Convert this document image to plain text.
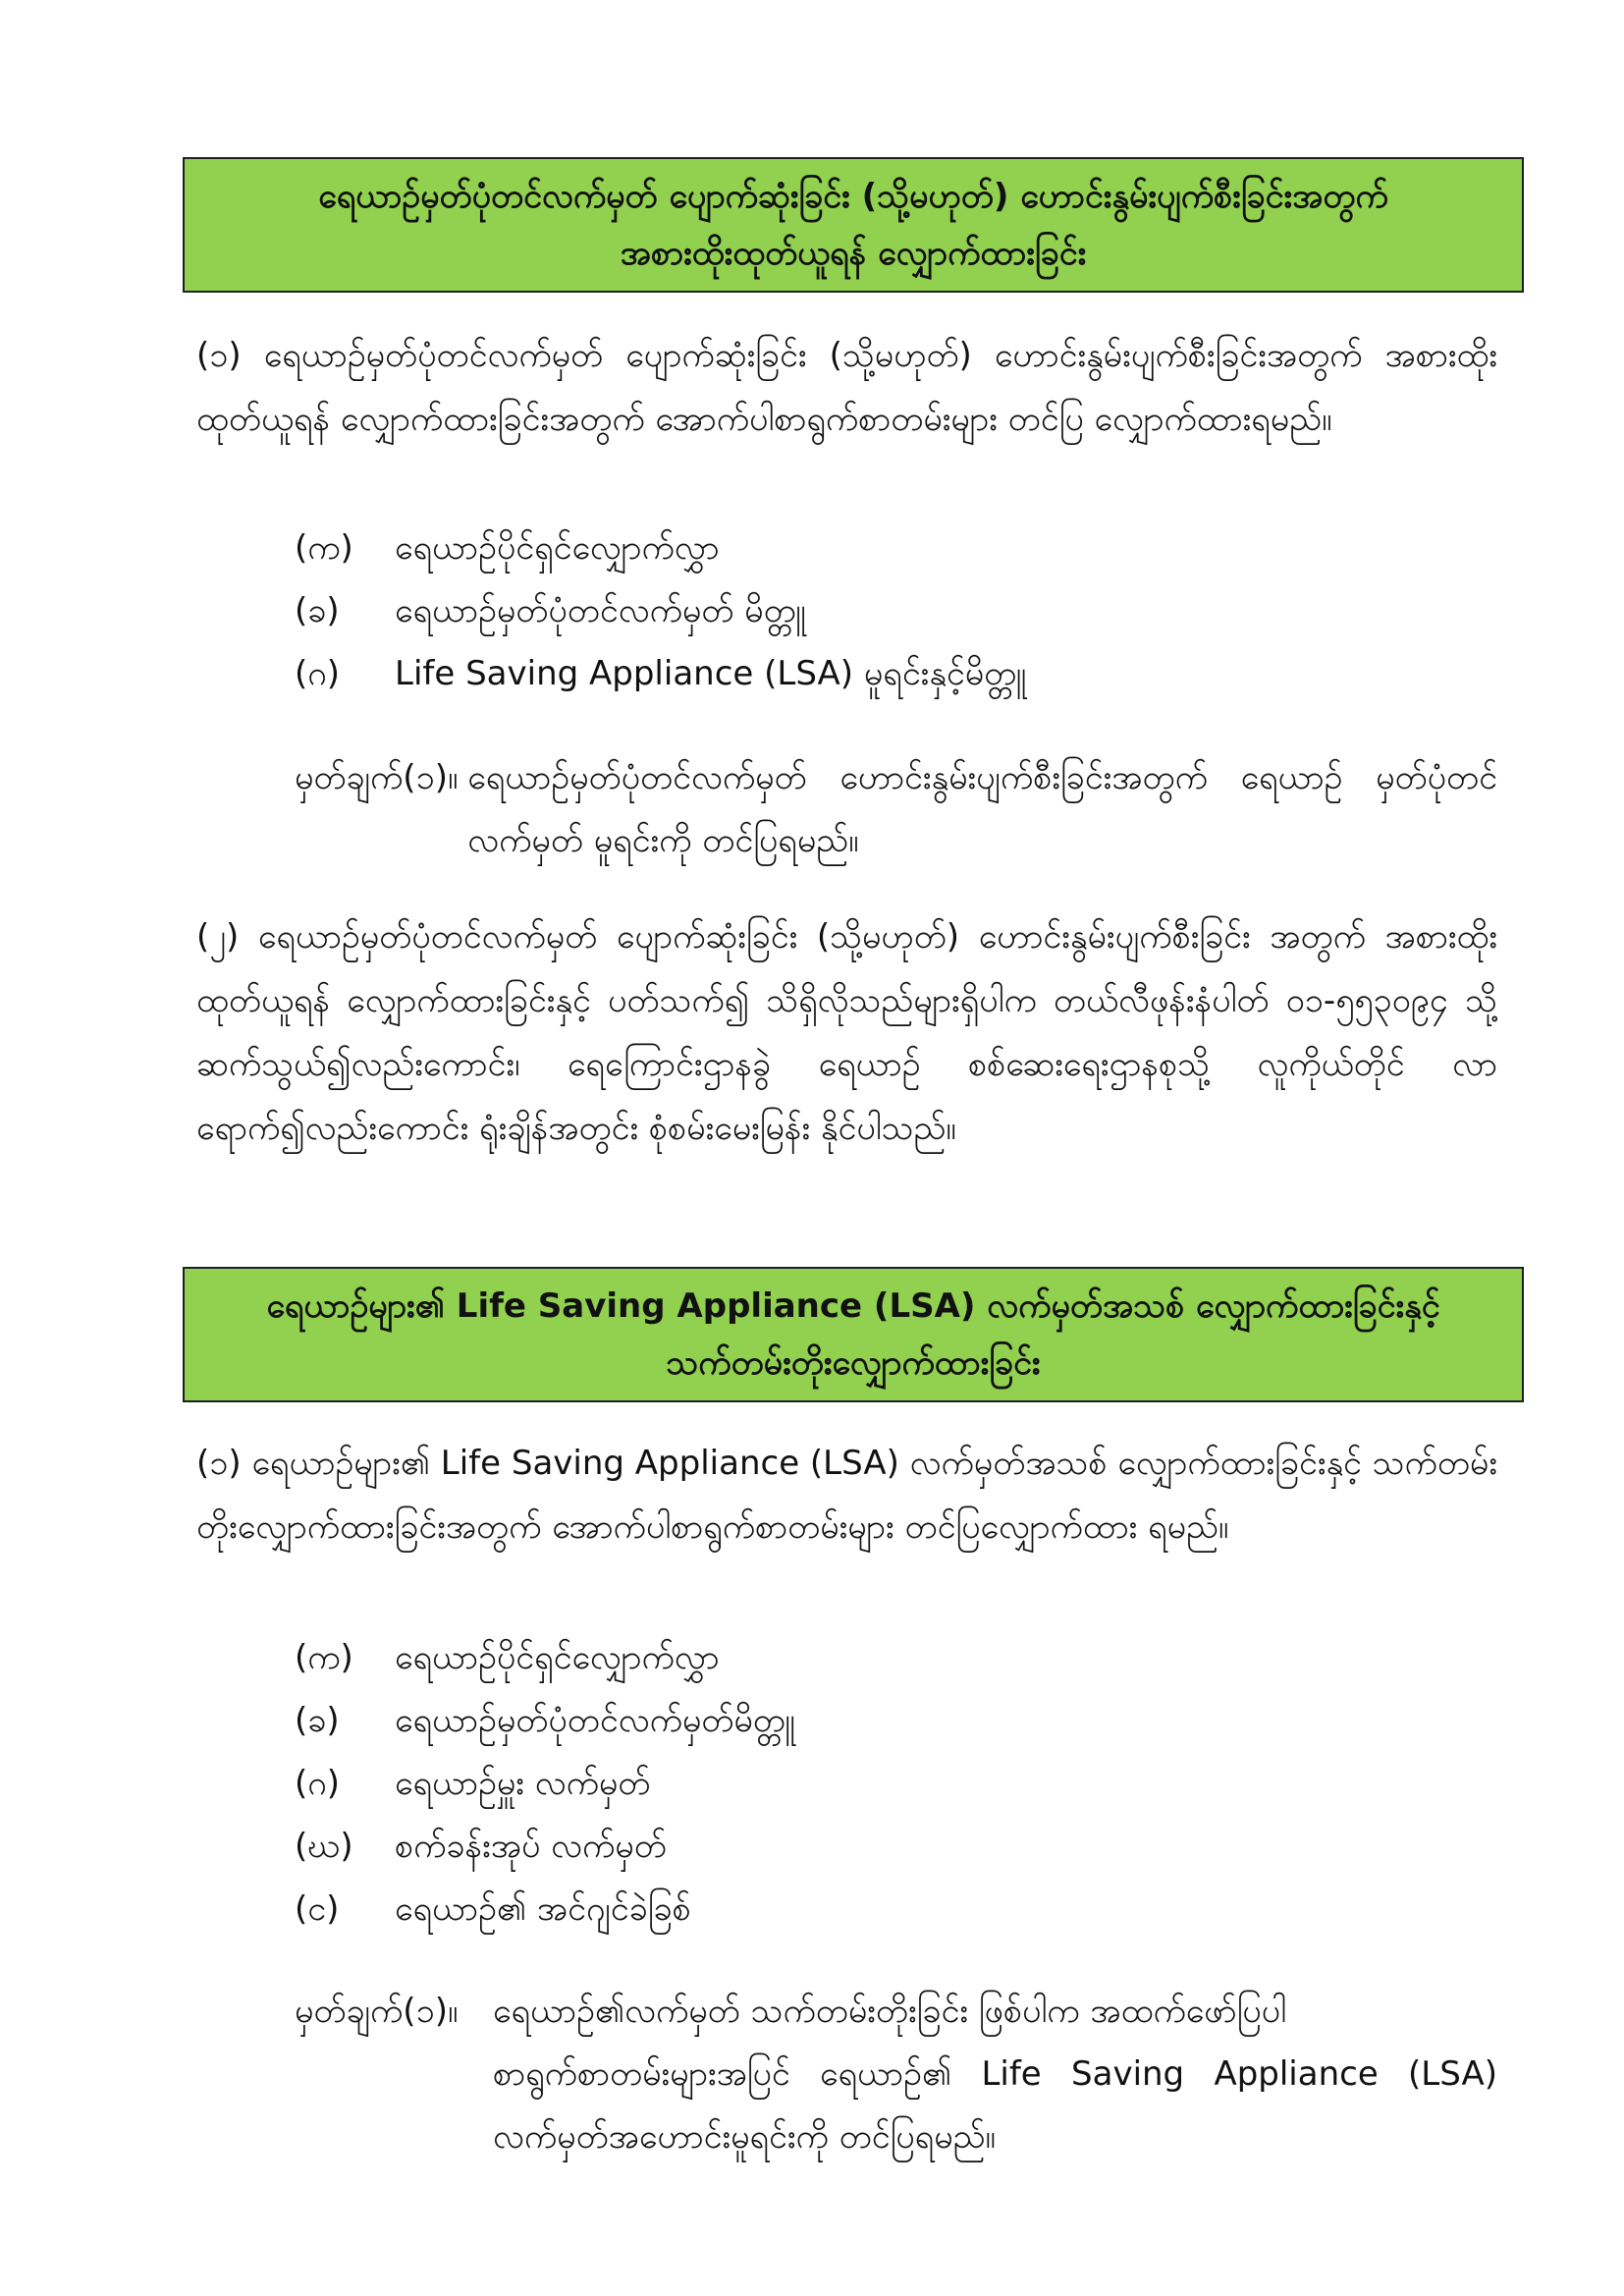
ရေယာဉ်မှတ်ပုံတင်လက်မှတ် ပျောက်ဆုံးခြင်း (သို့မဟုတ်) ဟောင်းနွမ်းပျက်စီးခြင်းအတွက်
အစားထိုးထုတ်ယူရန် လျှောက်ထားခြင်း
(၁) ရေယာဉ်မှတ်ပုံတင်လက်မှတ် ပျောက်ဆုံးခြင်း (သို့မဟုတ်) ဟောင်းနွမ်းပျက်စီးခြင်းအတွက် အစားထိုးထုတ်ယူရန် လျှောက်ထားခြင်းအတွက် အောက်ပါစာရွက်စာတမ်းများ တင်ပြ လျှောက်ထားရမည်။
(က)	ရေယာဉ်ပိုင်ရှင်လျှောက်လွှာ
(ခ)	ရေယာဉ်မှတ်ပုံတင်လက်မှတ် မိတ္တူ
(ဂ)	Life Saving Appliance (LSA) မူရင်းနှင့်မိတ္တူ
မှတ်ချက်(၁)။ ရေယာဉ်မှတ်ပုံတင်လက်မှတ် ဟောင်းနွမ်းပျက်စီးခြင်းအတွက် ရေယာဉ် မှတ်ပုံတင်လက်မှတ် မူရင်းကို တင်ပြရမည်။
(၂) ရေယာဉ်မှတ်ပုံတင်လက်မှတ် ပျောက်ဆုံးခြင်း (သို့မဟုတ်) ဟောင်းနွမ်းပျက်စီးခြင်း အတွက် အစားထိုးထုတ်ယူရန် လျှောက်ထားခြင်းနှင့် ပတ်သက်၍ သိရှိလိုသည်များရှိပါက တယ်လီဖုန်းနံပါတ် ၀၁-၅၅၃၀၉၄ သို့ ဆက်သွယ်၍လည်းကောင်း၊ ရေကြောင်းဌာနခွဲ ရေယာဉ် စစ်ဆေးရေးဌာနစုသို့ လူကိုယ်တိုင် လာရောက်၍လည်းကောင်း ရုံးချိန်အတွင်း စုံစမ်းမေးမြန်း နိုင်ပါသည်။
ရေယာဉ်များ၏ Life Saving Appliance (LSA) လက်မှတ်အသစ် လျှောက်ထားခြင်းနှင့်
သက်တမ်းတိုးလျှောက်ထားခြင်း
(၁) ရေယာဉ်များ၏ Life Saving Appliance (LSA) လက်မှတ်အသစ် လျှောက်ထားခြင်းနှင့် သက်တမ်းတိုးလျှောက်ထားခြင်းအတွက် အောက်ပါစာရွက်စာတမ်းများ တင်ပြလျှောက်ထား ရမည်။
(က)	ရေယာဉ်ပိုင်ရှင်လျှောက်လွှာ
(ခ)	ရေယာဉ်မှတ်ပုံတင်လက်မှတ်မိတ္တူ
(ဂ)	ရေယာဉ်မှူး လက်မှတ်
(ဃ)	စက်ခန်းအုပ် လက်မှတ်
(င)	ရေယာဉ်၏ အင်ဂျင်ခဲခြစ်
မှတ်ချက်(၁)။	ရေယာဉ်၏လက်မှတ် သက်တမ်းတိုးခြင်း ဖြစ်ပါက အထက်ဖော်ပြပါ
စာရွက်စာတမ်းများအပြင် ရေယာဉ်၏ Life Saving Appliance (LSA) လက်မှတ်အဟောင်းမူရင်းကို တင်ပြရမည်။
